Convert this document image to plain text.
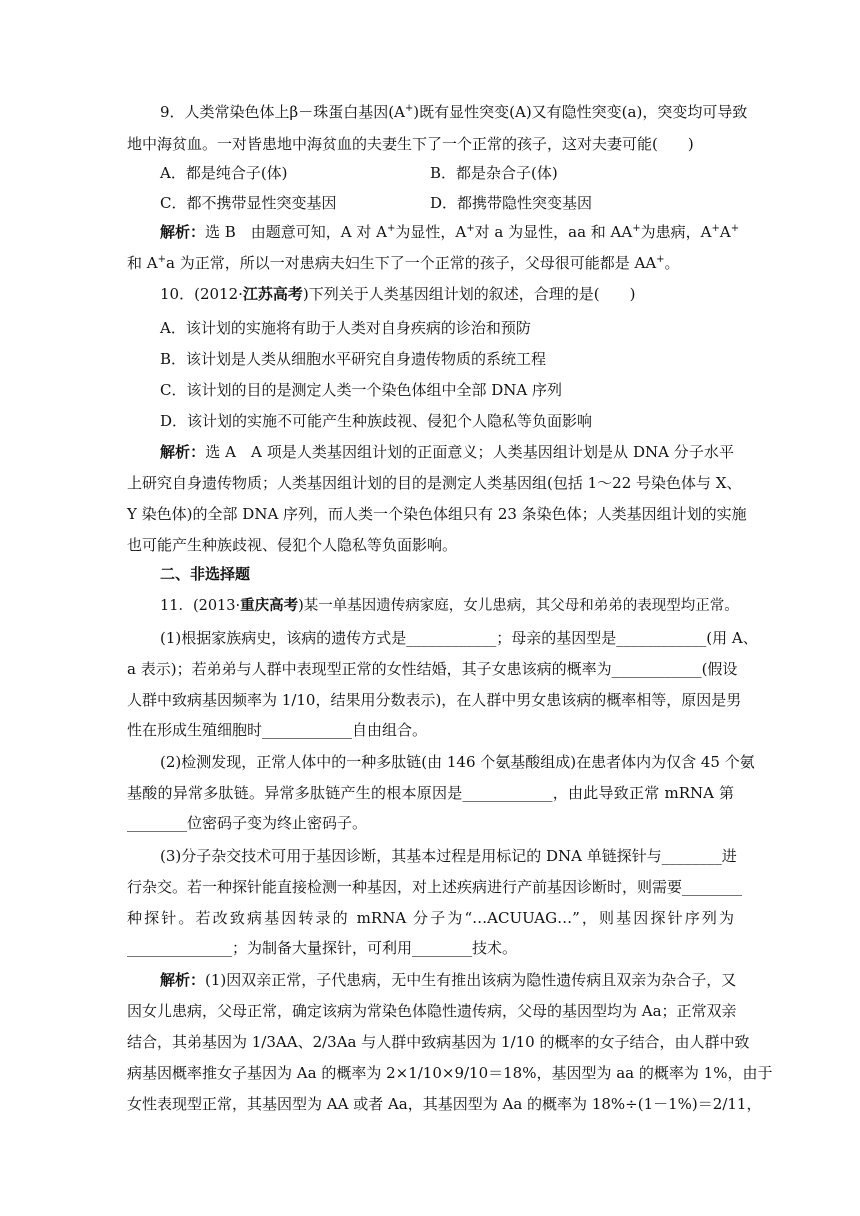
9．人类常染色体上β－珠蛋白基因(A+)既有显性突变(A)又有隐性突变(a)，突变均可导致
地中海贫血。一对皆患地中海贫血的夫妻生下了一个正常的孩子，这对夫妻可能(　　)
A．都是纯合子(体)	B．都是杂合子(体)
C．都不携带显性突变基因	D．都携带隐性突变基因
解析：选 B　由题意可知，A 对 A+为显性，A+对 a 为显性，aa 和 AA+为患病，A+A+
和 A+a 为正常，所以一对患病夫妇生下了一个正常的孩子，父母很可能都是 AA+。
10．(2012·江苏高考)下列关于人类基因组计划的叙述，合理的是(　　)
A．该计划的实施将有助于人类对自身疾病的诊治和预防
B．该计划是人类从细胞水平研究自身遗传物质的系统工程
C．该计划的目的是测定人类一个染色体组中全部 DNA 序列
D．该计划的实施不可能产生种族歧视、侵犯个人隐私等负面影响
解析：选 A　A 项是人类基因组计划的正面意义；人类基因组计划是从 DNA 分子水平
上研究自身遗传物质；人类基因组计划的目的是测定人类基因组(包括 1～22 号染色体与 X、
Y 染色体)的全部 DNA 序列，而人类一个染色体组只有 23 条染色体；人类基因组计划的实施
也可能产生种族歧视、侵犯个人隐私等负面影响。
二、非选择题
11．(2013·重庆高考)某一单基因遗传病家庭，女儿患病，其父母和弟弟的表现型均正常。
(1)根据家族病史，该病的遗传方式是____________；母亲的基因型是____________(用 A、
a 表示)；若弟弟与人群中表现型正常的女性结婚，其子女患该病的概率为____________(假设
人群中致病基因频率为 1/10，结果用分数表示)，在人群中男女患该病的概率相等，原因是男
性在形成生殖细胞时____________自由组合。
(2)检测发现，正常人体中的一种多肽链(由 146 个氨基酸组成)在患者体内为仅含 45 个氨
基酸的异常多肽链。异常多肽链产生的根本原因是____________，由此导致正常 mRNA 第
________位密码子变为终止密码子。
(3)分子杂交技术可用于基因诊断，其基本过程是用标记的 DNA 单链探针与________进
行杂交。若一种探针能直接检测一种基因，对上述疾病进行产前基因诊断时，则需要________
种探针。若改致病基因转录的 mRNA 分子为“…ACUUAG…”，则基因探针序列为
______________；为制备大量探针，可利用________技术。
解析：(1)因双亲正常，子代患病，无中生有推出该病为隐性遗传病且双亲为杂合子，又
因女儿患病，父母正常，确定该病为常染色体隐性遗传病，父母的基因型均为 Aa；正常双亲
结合，其弟基因为 1/3AA、2/3Aa 与人群中致病基因为 1/10 的概率的女子结合，由人群中致
病基因概率推女子基因为 Aa 的概率为 2×1/10×9/10＝18%，基因型为 aa 的概率为 1%，由于
女性表现型正常，其基因型为 AA 或者 Aa，其基因型为 Aa 的概率为 18%÷(1－1%)＝2/11，
